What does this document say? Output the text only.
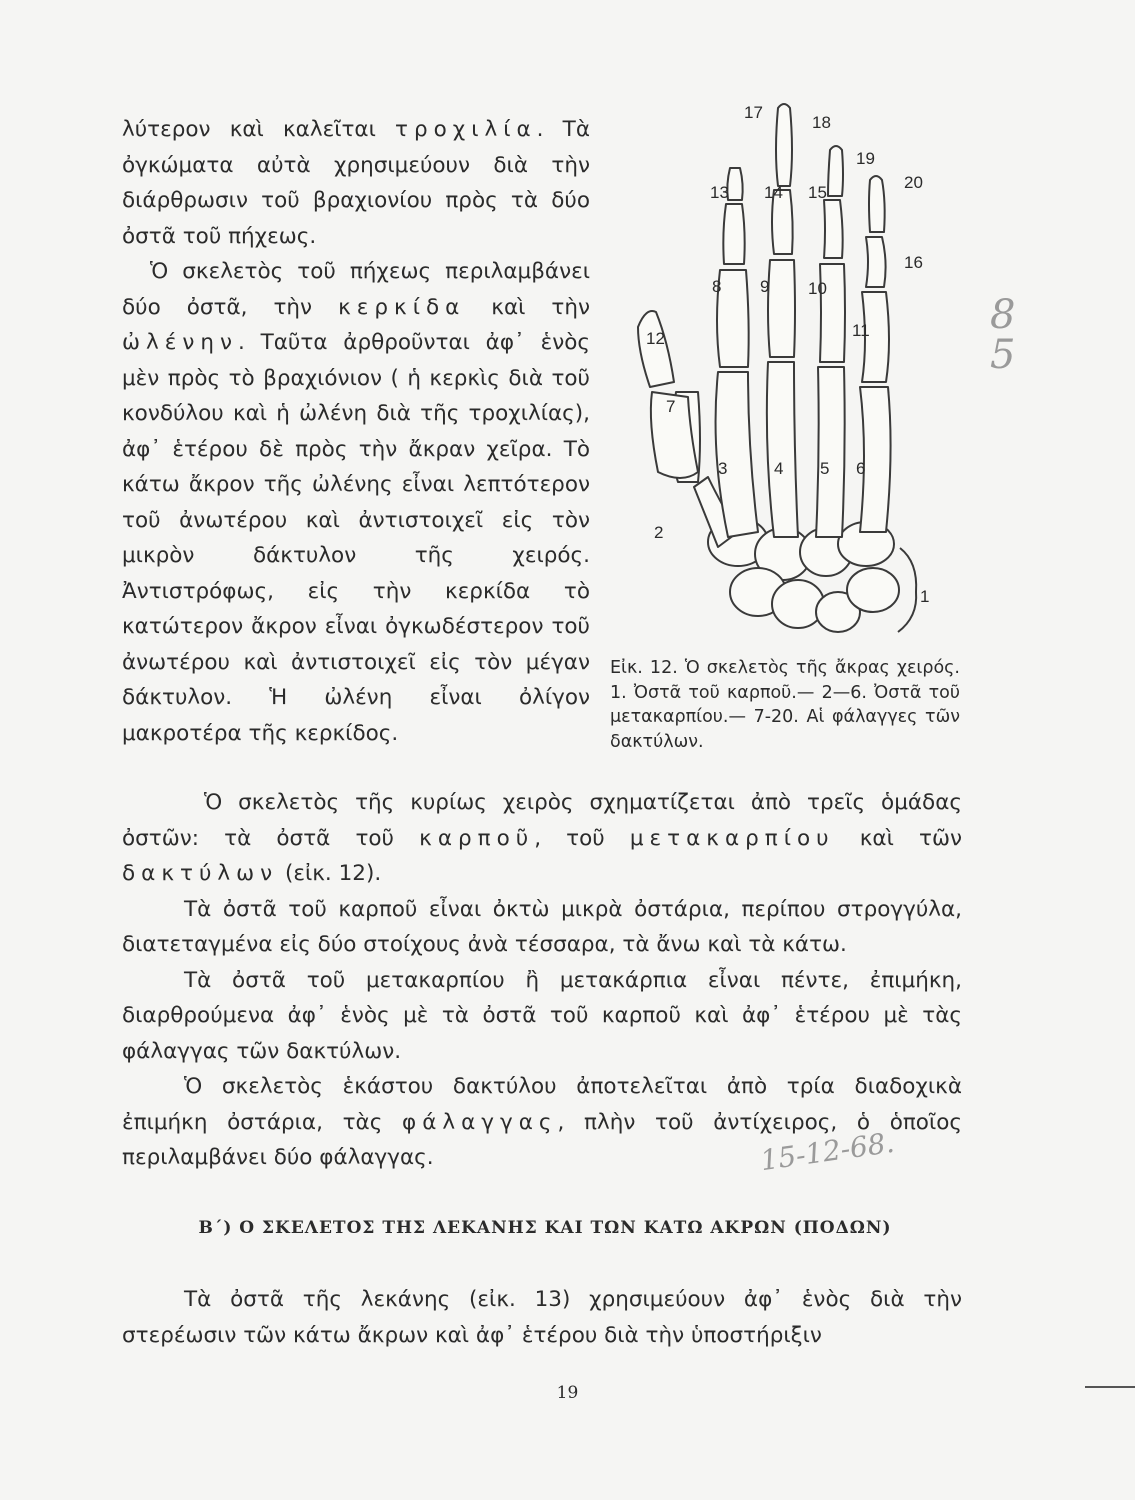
λύτερον καὶ καλεῖται τροχιλία. Τὰ ὀγκώματα αὐτὰ χρησιμεύουν διὰ τὴν διάρθρωσιν τοῦ βραχιονίου πρὸς τὰ δύο ὀστᾶ τοῦ πήχεως.

Ὁ σκελετὸς τοῦ πήχεως περιλαμβάνει δύο ὀστᾶ, τὴν κερκίδα καὶ τὴν ὠλένην. Ταῦτα ἀρθροῦνται ἀφ᾽ ἑνὸς μὲν πρὸς τὸ βραχιόνιον ( ἡ κερκὶς διὰ τοῦ κονδύλου καὶ ἡ ὠλένη διὰ τῆς τροχιλίας), ἀφ᾽ ἑτέρου δὲ πρὸς τὴν ἄκραν χεῖρα. Τὸ κάτω ἄκρον τῆς ὠλένης εἶναι λεπτότερον τοῦ ἀνωτέρου καὶ ἀντιστοιχεῖ εἰς τὸν μικρὸν δάκτυλον τῆς χειρός. Ἀντιστρόφως, εἰς τὴν κερκίδα τὸ κατώτερον ἄκρον εἶναι ὀγκωδέστερον τοῦ ἀνωτέρου καὶ ἀντιστοιχεῖ εἰς τὸν μέγαν δάκτυλον. Ἡ ὠλένη εἶναι ὀλίγον μακροτέρα τῆς κερκίδος.

1
2
3	4 5 6
7
8 9 10
11
12
13 14 15
16
17
18
19
20

Εἰκ. 12. Ὁ σκελετὸς τῆς ἄκρας χειρός. 1. Ὀστᾶ τοῦ καρποῦ.— 2—6. Ὀστᾶ τοῦ μετακαρπίου.— 7-20. Αἱ φάλαγγες τῶν δακτύλων.

Ὁ σκελετὸς τῆς κυρίως χειρὸς σχηματίζεται ἀπὸ τρεῖς ὁμάδας ὀστῶν: τὰ ὀστᾶ τοῦ καρποῦ, τοῦ μετακαρπίου καὶ τῶν δακτύλων (εἰκ. 12).

Τὰ ὀστᾶ τοῦ καρποῦ εἶναι ὀκτὼ μικρὰ ὀστάρια, περίπου στρογγύλα, διατεταγμένα εἰς δύο στοίχους ἀνὰ τέσσαρα, τὰ ἄνω καὶ τὰ κάτω.

Τὰ ὀστᾶ τοῦ μετακαρπίου ἢ μετακάρπια εἶναι πέντε, ἐπιμήκη, διαρθρούμενα ἀφ᾽ ἑνὸς μὲ τὰ ὀστᾶ τοῦ καρποῦ καὶ ἀφ᾽ ἑτέρου μὲ τὰς φάλαγγας τῶν δακτύλων.

Ὁ σκελετὸς ἑκάστου δακτύλου ἀποτελεῖται ἀπὸ τρία διαδοχικὰ ἐπιμήκη ὀστάρια, τὰς φάλαγγας, πλὴν τοῦ ἀντίχειρος, ὁ ὁποῖος περιλαμβάνει δύο φάλαγγας.

Β΄) Ο ΣΚΕΛΕΤΟΣ ΤΗΣ ΛΕΚΑΝΗΣ ΚΑΙ ΤΩΝ ΚΑΤΩ ΑΚΡΩΝ (ΠΟΔΩΝ)

Τὰ ὀστᾶ τῆς λεκάνης (εἰκ. 13) χρησιμεύουν ἀφ᾽ ἑνὸς διὰ τὴν στερέωσιν τῶν κάτω ἄκρων καὶ ἀφ᾽ ἑτέρου διὰ τὴν ὑποστήριξιν

19
85
15-12-68.
